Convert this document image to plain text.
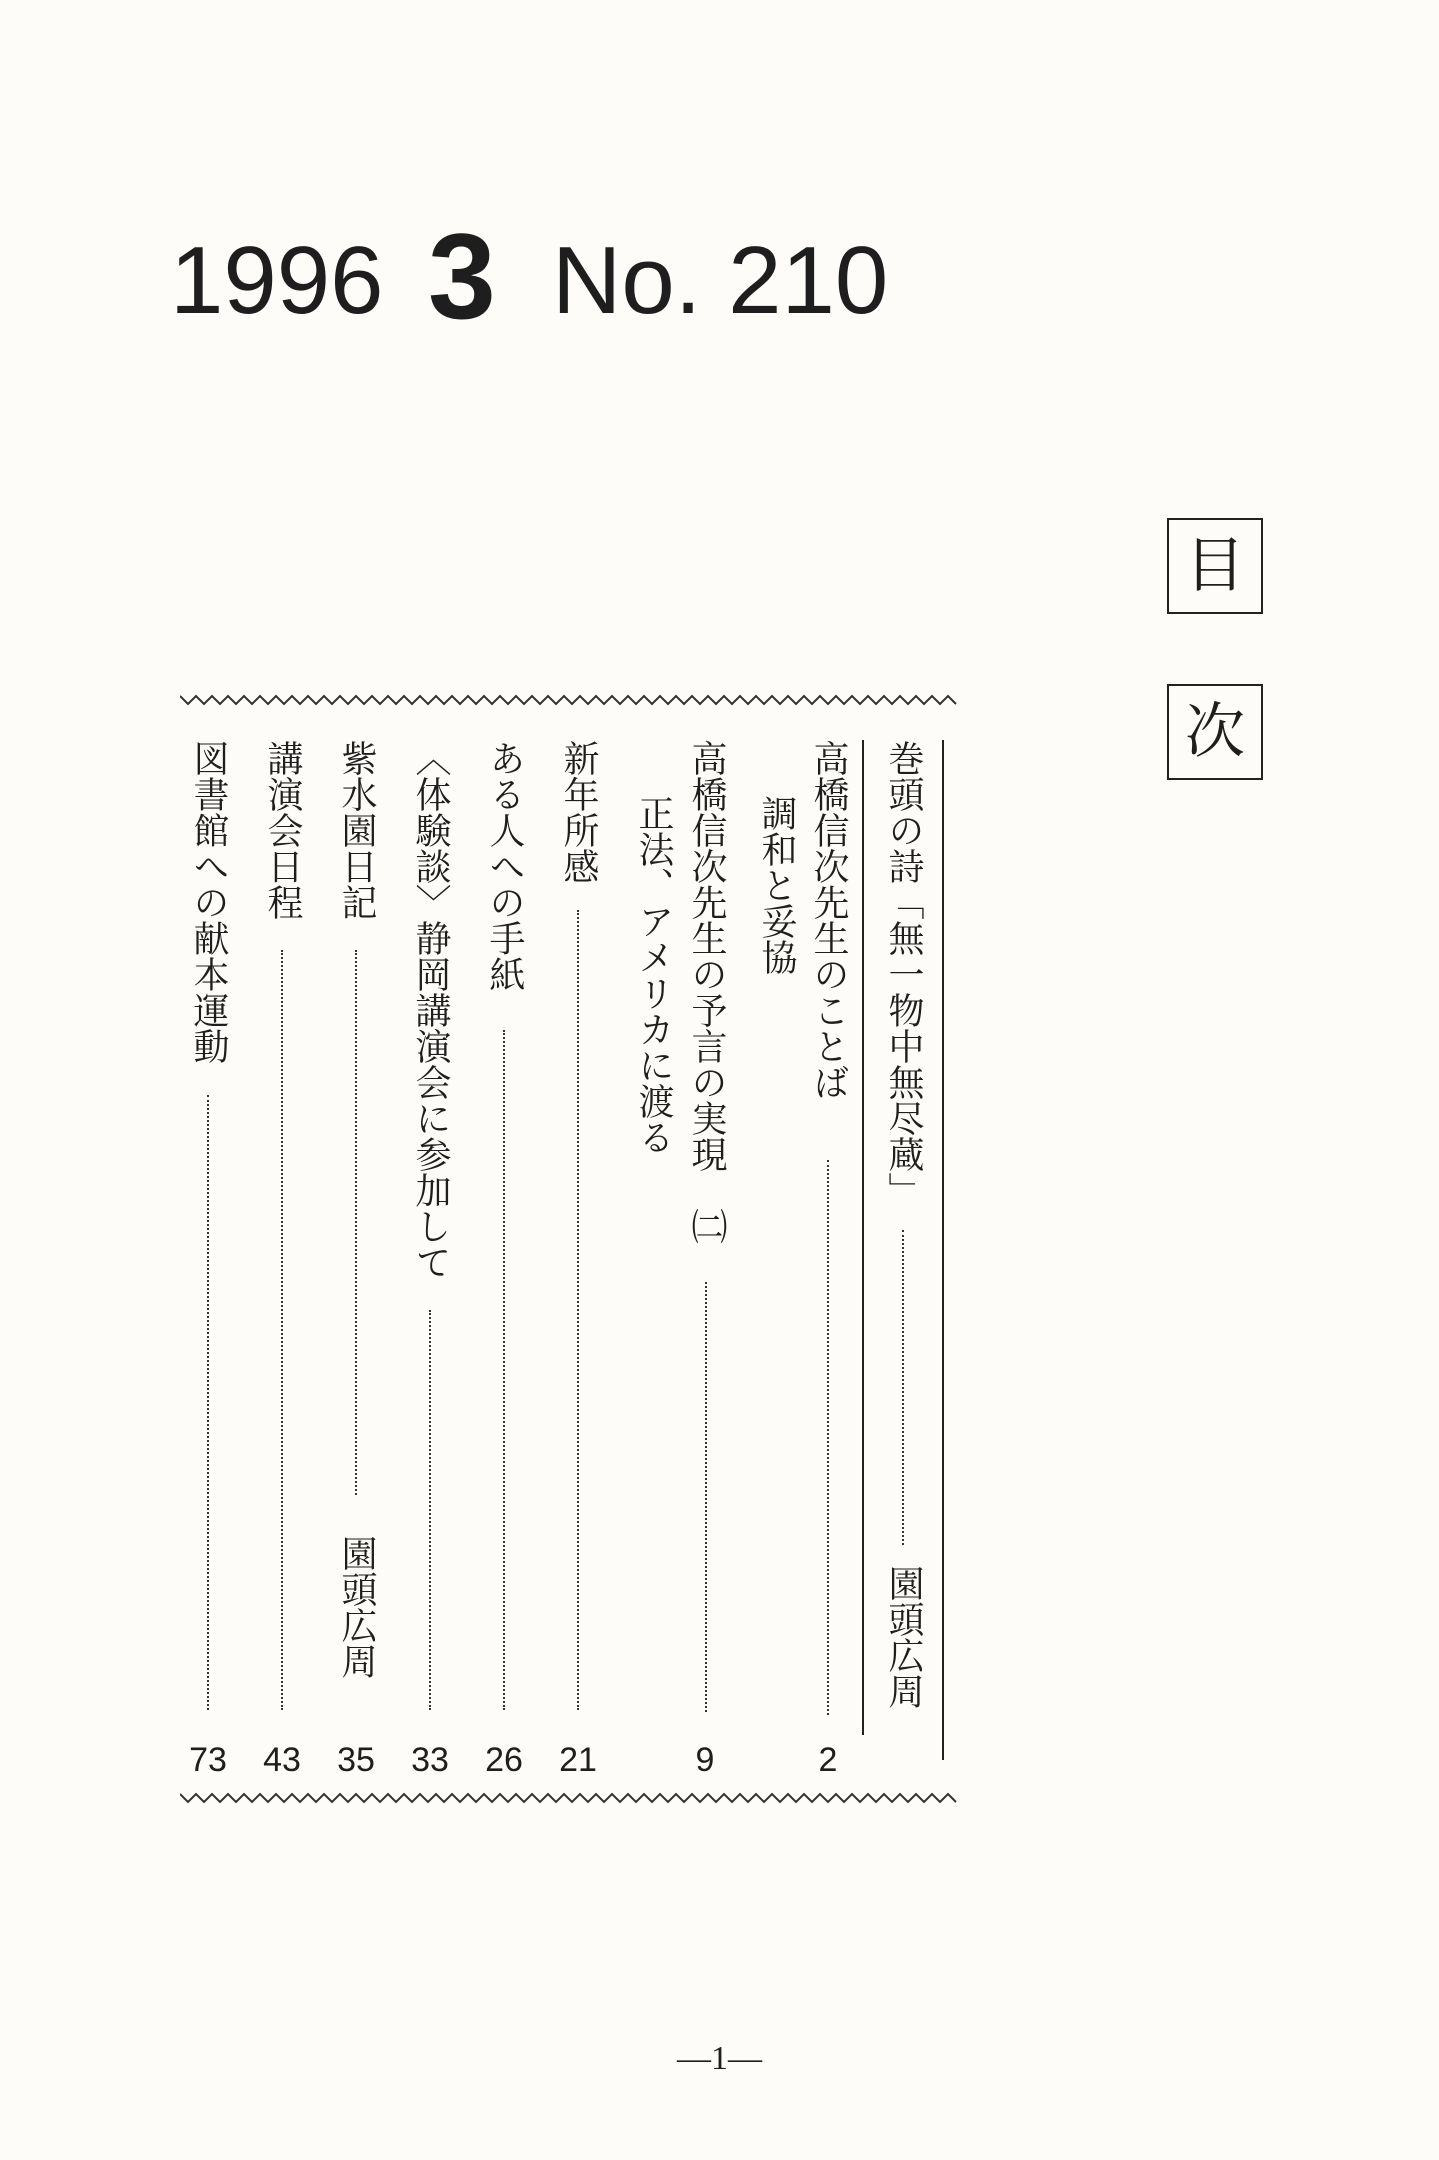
1996 3 No. 210
目
次
巻頭の詩「無一物中無尽蔵」
園頭広周
高橋信次先生のことば
調和と妥協
2
高橋信次先生の予言の実現　㈡
正法、アメリカに渡る
9
新年所感
21
ある人への手紙
26
〈体験談〉静岡講演会に参加して
33
紫水園日記
園頭広周
35
講演会日程
43
図書館への献本運動
73
—1—
